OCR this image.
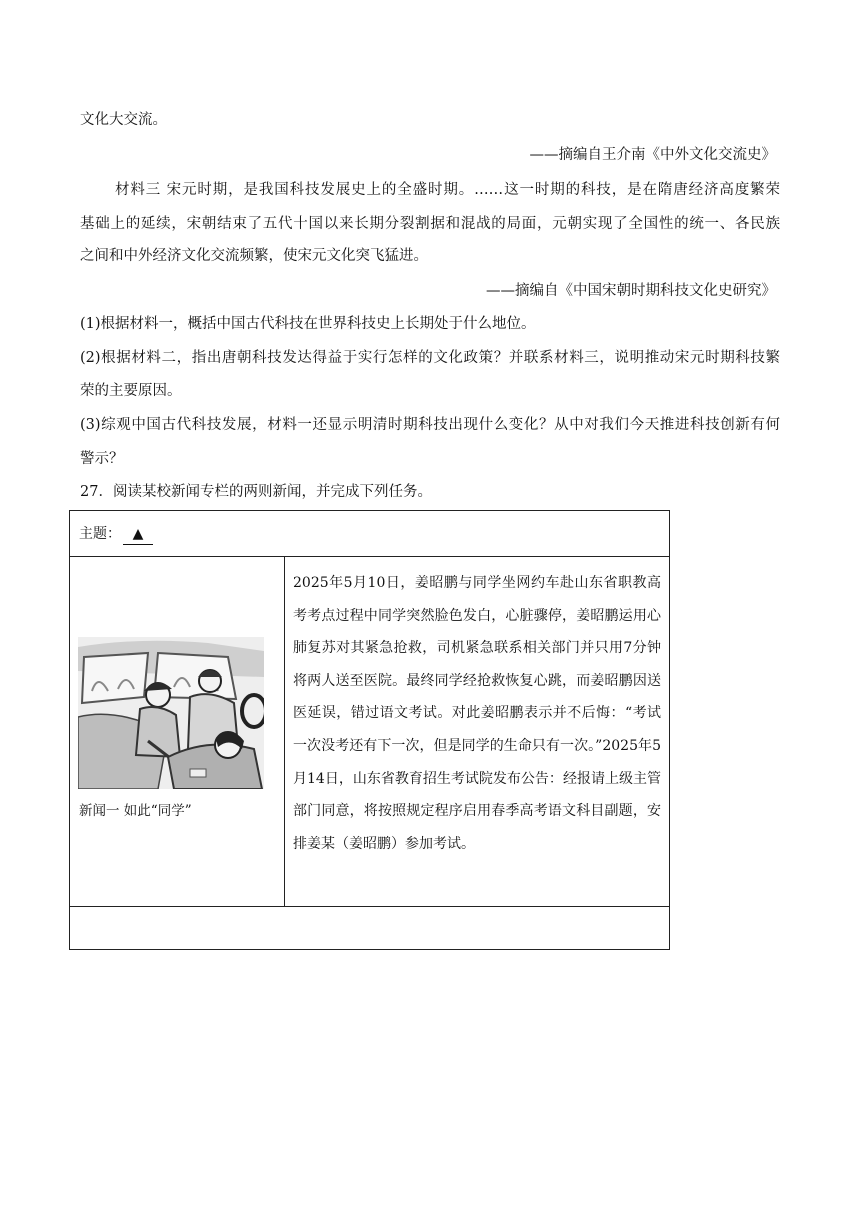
文化大交流。
——摘编自王介南《中外文化交流史》
材料三 宋元时期，是我国科技发展史上的全盛时期。……这一时期的科技，是在隋唐经济高度繁荣
基础上的延续，宋朝结束了五代十国以来长期分裂割据和混战的局面，元朝实现了全国性的统一、各民族
之间和中外经济文化交流频繁，使宋元文化突飞猛进。
——摘编自《中国宋朝时期科技文化史研究》
(1)根据材料一，概括中国古代科技在世界科技史上长期处于什么地位。
(2)根据材料二，指出唐朝科技发达得益于实行怎样的文化政策？并联系材料三，说明推动宋元时期科技繁
荣的主要原因。
(3)综观中国古代科技发展，材料一还显示明清时期科技出现什么变化？从中对我们今天推进科技创新有何
警示？
27．阅读某校新闻专栏的两则新闻，并完成下列任务。
主题： ▲
新闻一 如此“同学”
2025年5月10日，姜昭鹏与同学坐网约车赴山东省职教高考考点过程中同学突然脸色发白，心脏骤停，姜昭鹏运用心肺复苏对其紧急抢救，司机紧急联系相关部门并只用7分钟将两人送至医院。最终同学经抢救恢复心跳，而姜昭鹏因送医延误，错过语文考试。对此姜昭鹏表示并不后悔：“考试一次没考还有下一次，但是同学的生命只有一次。”2025年5月14日，山东省教育招生考试院发布公告：经报请上级主管部门同意，将按照规定程序启用春季高考语文科目副题，安排姜某（姜昭鹏）参加考试。
